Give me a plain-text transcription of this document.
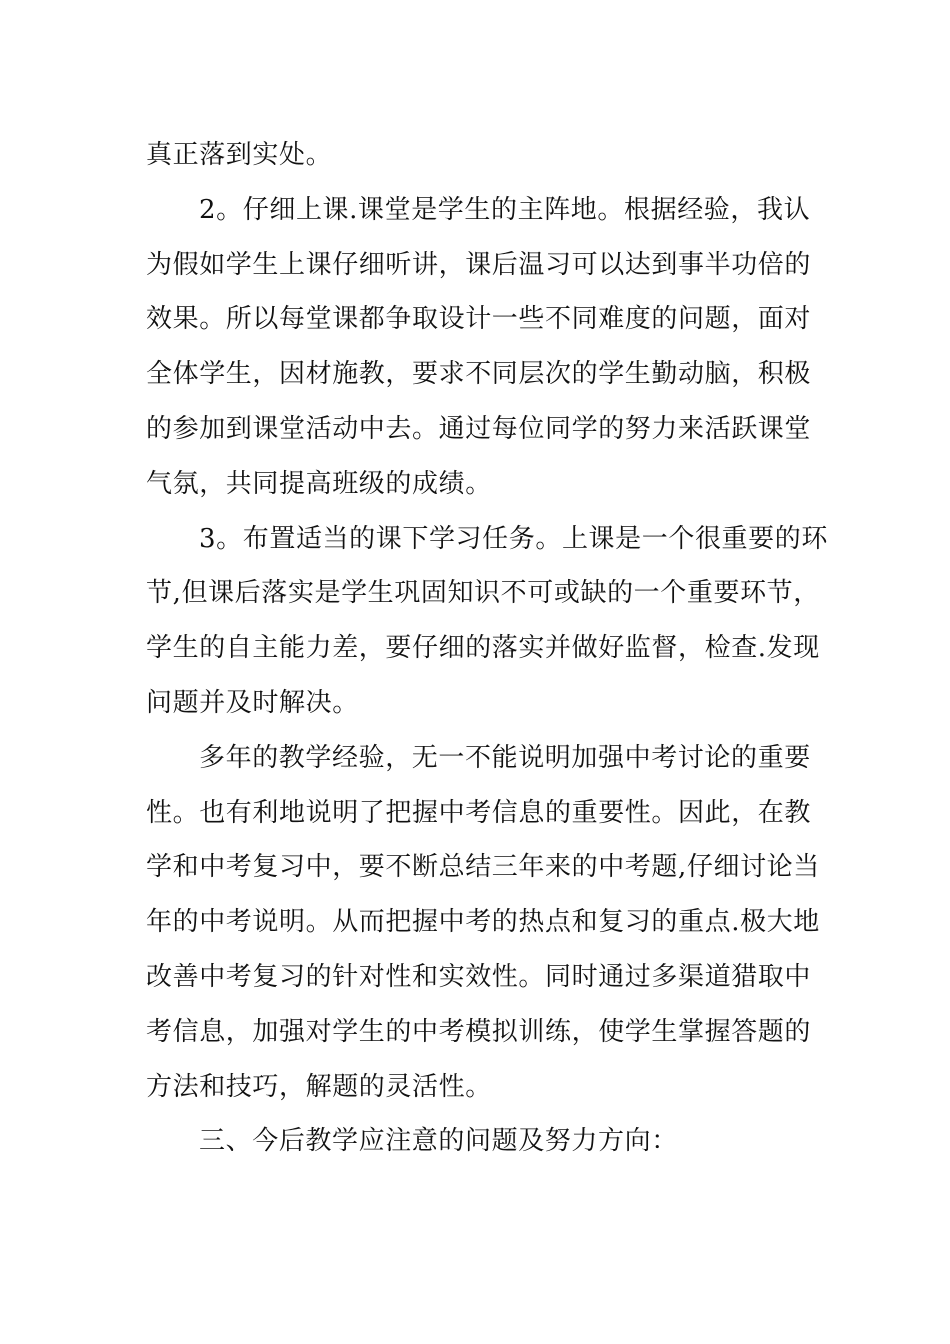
真正落到实处。
2。仔细上课.课堂是学生的主阵地。根据经验，我认
为假如学生上课仔细听讲，课后温习可以达到事半功倍的
效果。所以每堂课都争取设计一些不同难度的问题，面对
全体学生，因材施教，要求不同层次的学生勤动脑，积极
的参加到课堂活动中去。通过每位同学的努力来活跃课堂
气氛，共同提高班级的成绩。
3。布置适当的课下学习任务。上课是一个很重要的环
节,但课后落实是学生巩固知识不可或缺的一个重要环节，
学生的自主能力差，要仔细的落实并做好监督，检查.发现
问题并及时解决。
多年的教学经验，无一不能说明加强中考讨论的重要
性。也有利地说明了把握中考信息的重要性。因此，在教
学和中考复习中，要不断总结三年来的中考题,仔细讨论当
年的中考说明。从而把握中考的热点和复习的重点.极大地
改善中考复习的针对性和实效性。同时通过多渠道猎取中
考信息，加强对学生的中考模拟训练，使学生掌握答题的
方法和技巧，解题的灵活性。
三、今后教学应注意的问题及努力方向：
